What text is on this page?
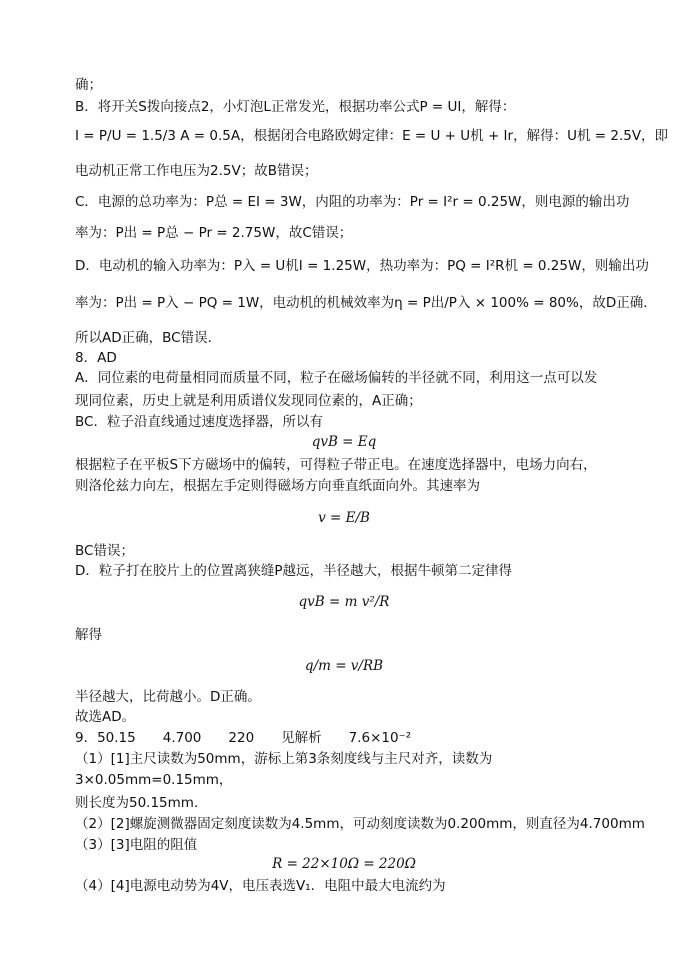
确；
B．将开关S拨向接点2，小灯泡L正常发光，根据功率公式P = UI，解得：
I = P/U = 1.5/3 A = 0.5A，根据闭合电路欧姆定律：E = U + U机 + Ir，解得：U机 = 2.5V，即
电动机正常工作电压为2.5V；故B错误；
C．电源的总功率为：P总 = EI = 3W，内阻的功率为：Pr = I²r = 0.25W，则电源的输出功
率为：P出 = P总 − Pr = 2.75W，故C错误；
D．电动机的输入功率为：P入 = U机I = 1.25W，热功率为：PQ = I²R机 = 0.25W，则输出功
率为：P出 = P入 − PQ = 1W，电动机的机械效率为η = P出/P入 × 100% = 80%，故D正确．
所以AD正确，BC错误．
8．AD
A．同位素的电荷量相同而质量不同，粒子在磁场偏转的半径就不同，利用这一点可以发
现同位素，历史上就是利用质谱仪发现同位素的，A正确；
BC．粒子沿直线通过速度选择器，所以有
qvB = Eq
根据粒子在平板S下方磁场中的偏转，可得粒子带正电。在速度选择器中，电场力向右，
则洛伦兹力向左，根据左手定则得磁场方向垂直纸面向外。其速率为
v = E/B
BC错误；
D．粒子打在胶片上的位置离狭缝P越远，半径越大，根据牛顿第二定律得
qvB = m v²/R
解得
q/m = v/RB
半径越大，比荷越小。D正确。
故选AD。
9．50.15　　4.700　　220　　见解析　　7.6×10⁻²
（1）[1]主尺读数为50mm，游标上第3条刻度线与主尺对齐，读数为
3×0.05mm=0.15mm，
则长度为50.15mm．
（2）[2]螺旋测微器固定刻度读数为4.5mm，可动刻度读数为0.200mm，则直径为4.700mm
（3）[3]电阻的阻值
R = 22×10Ω = 220Ω
（4）[4]电源电动势为4V，电压表选V₁．电阻中最大电流约为
